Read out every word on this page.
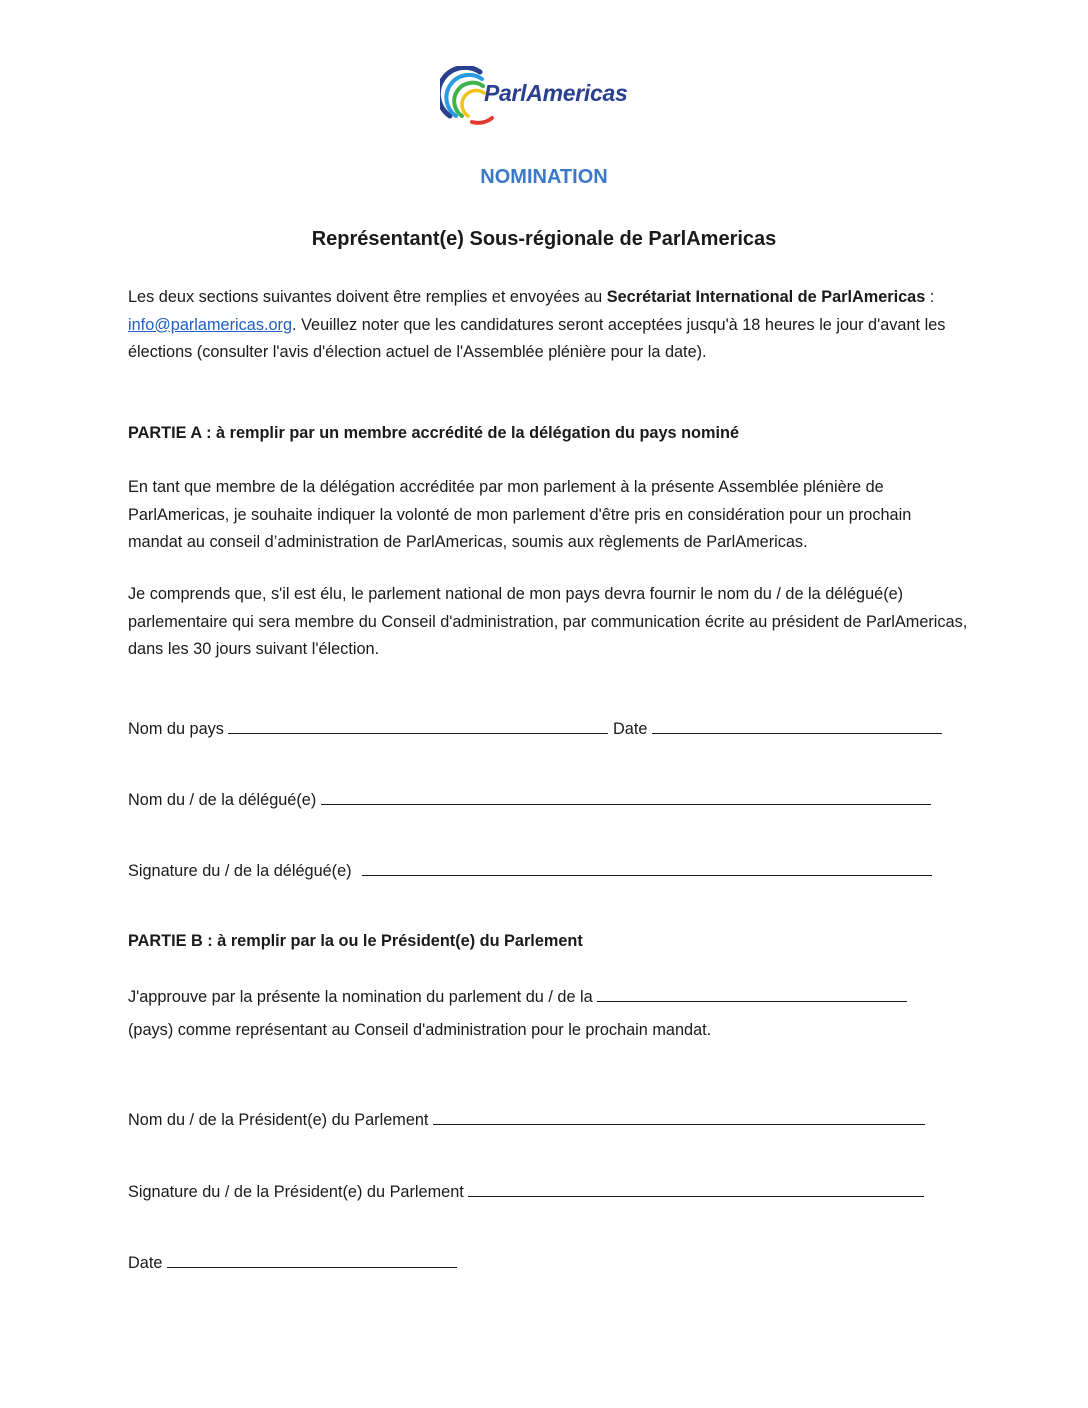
ParlAmericas
NOMINATION
Représentant(e) Sous-régionale de ParlAmericas
Les deux sections suivantes doivent être remplies et envoyées au Secrétariat International de ParlAmericas : info@parlamericas.org. Veuillez noter que les candidatures seront acceptées jusqu'à 18 heures le jour d'avant les élections (consulter l'avis d'élection actuel de l'Assemblée plénière pour la date).
PARTIE A : à remplir par un membre accrédité de la délégation du pays nominé
En tant que membre de la délégation accréditée par mon parlement à la présente Assemblée plénière de ParlAmericas, je souhaite indiquer la volonté de mon parlement d'être pris en considération pour un prochain mandat au conseil d’administration de ParlAmericas, soumis aux règlements de ParlAmericas.
Je comprends que, s'il est élu, le parlement national de mon pays devra fournir le nom du / de la délégué(e) parlementaire qui sera membre du Conseil d'administration, par communication écrite au président de ParlAmericas, dans les 30 jours suivant l'élection.
Nom du pays	Date
Nom du / de la délégué(e)
Signature du / de la délégué(e)
PARTIE B : à remplir par la ou le Président(e) du Parlement
J'approuve par la présente la nomination du parlement du / de la
(pays) comme représentant au Conseil d'administration pour le prochain mandat.
Nom du / de la Président(e) du Parlement
Signature du / de la Président(e) du Parlement
Date
